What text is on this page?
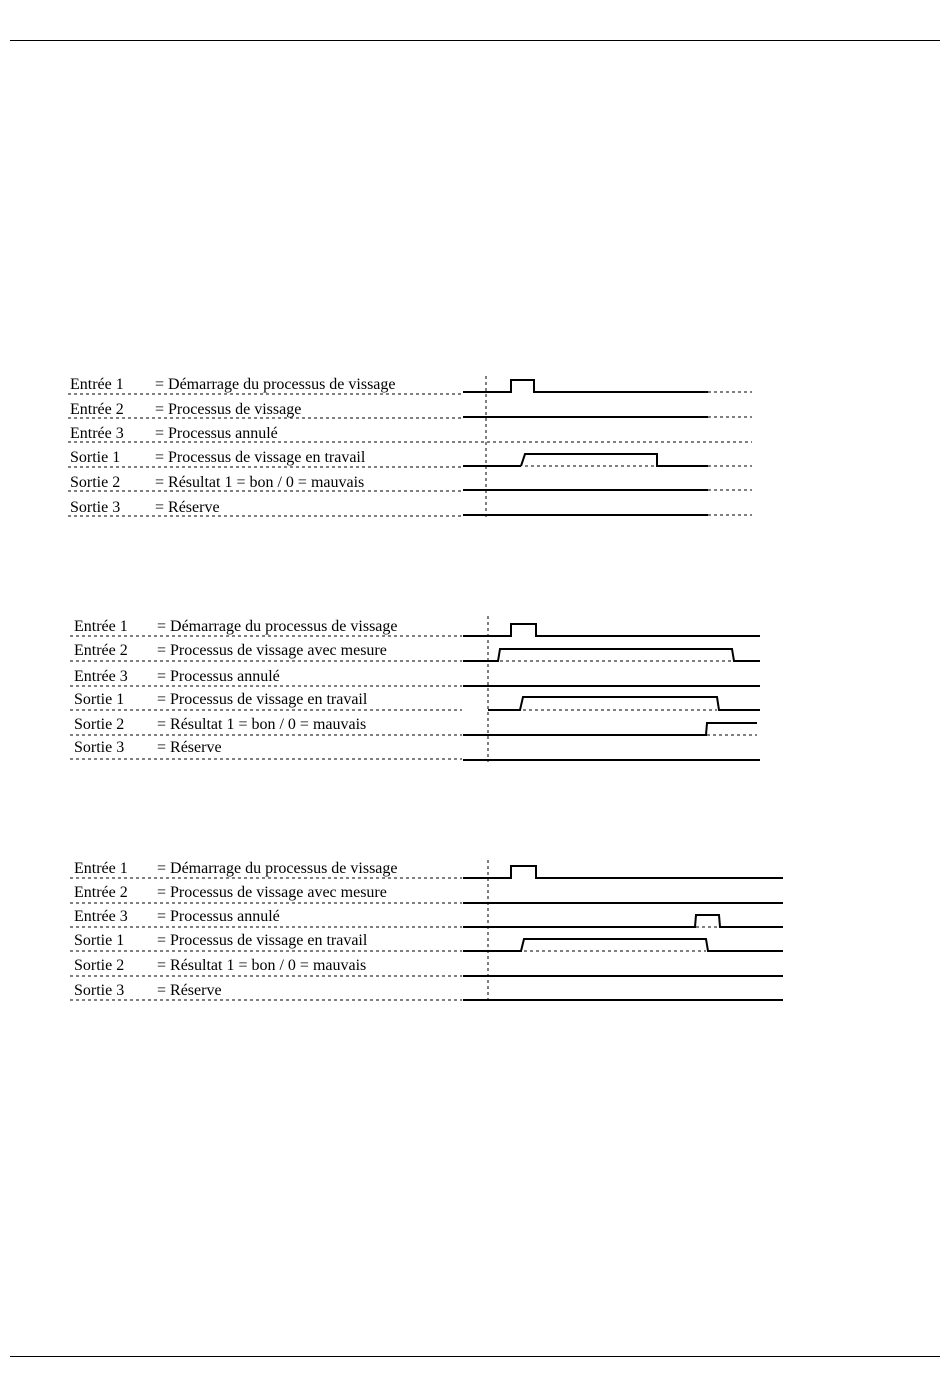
Entrée 1 = Démarrage du processus de vissage
Entrée 2 = Processus de vissage
Entrée 3 = Processus annulé
Sortie 1 = Processus de vissage en travail
Sortie 2 = Résultat 1 = bon / 0 = mauvais
Sortie 3 = Réserve
Entrée 1 = Démarrage du processus de vissage
Entrée 2 = Processus de vissage avec mesure
Entrée 3 = Processus annulé
Sortie 1 = Processus de vissage en travail
Sortie 2 = Résultat 1 = bon / 0 = mauvais
Sortie 3 = Réserve
Entrée 1 = Démarrage du processus de vissage
Entrée 2 = Processus de vissage avec mesure
Entrée 3 = Processus annulé
Sortie 1 = Processus de vissage en travail
Sortie 2 = Résultat 1 = bon / 0 = mauvais
Sortie 3 = Réserve
